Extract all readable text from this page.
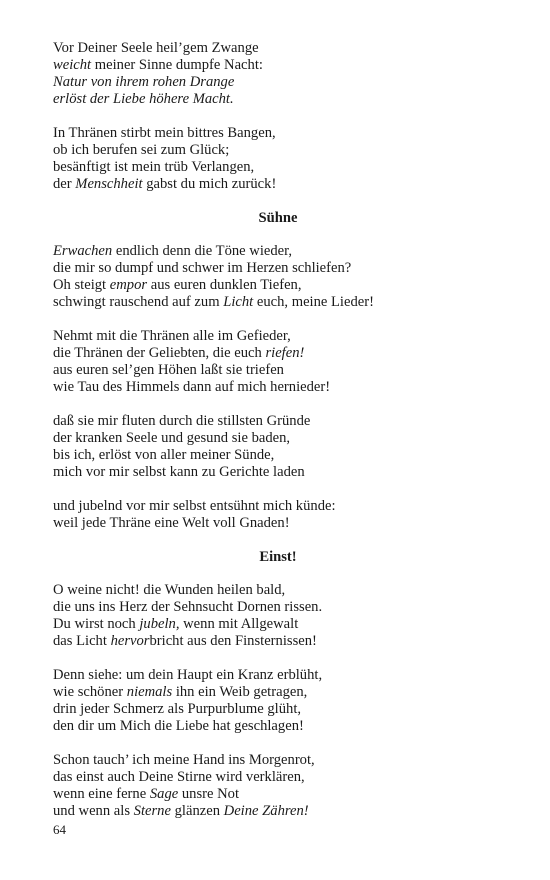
Vor Deiner Seele heil’gem Zwange
weicht meiner Sinne dumpfe Nacht:
Natur von ihrem rohen Drange
erlöst der Liebe höhere Macht.
In Thränen stirbt mein bittres Bangen,
ob ich berufen sei zum Glück;
besänftigt ist mein trüb Verlangen,
der Menschheit gabst du mich zurück!
Sühne
Erwachen endlich denn die Töne wieder,
die mir so dumpf und schwer im Herzen schliefen?
Oh steigt empor aus euren dunklen Tiefen,
schwingt rauschend auf zum Licht euch, meine Lieder!
Nehmt mit die Thränen alle im Gefieder,
die Thränen der Geliebten, die euch riefen!
aus euren sel’gen Höhen laßt sie triefen
wie Tau des Himmels dann auf mich hernieder!
daß sie mir fluten durch die stillsten Gründe
der kranken Seele und gesund sie baden,
bis ich, erlöst von aller meiner Sünde,
mich vor mir selbst kann zu Gerichte laden
und jubelnd vor mir selbst entsühnt mich künde:
weil jede Thräne eine Welt voll Gnaden!
Einst!
O weine nicht! die Wunden heilen bald,
die uns ins Herz der Sehnsucht Dornen rissen.
Du wirst noch jubeln, wenn mit Allgewalt
das Licht hervorbricht aus den Finsternissen!
Denn siehe: um dein Haupt ein Kranz erblüht,
wie schöner niemals ihn ein Weib getragen,
drin jeder Schmerz als Purpurblume glüht,
den dir um Mich die Liebe hat geschlagen!
Schon tauch’ ich meine Hand ins Morgenrot,
das einst auch Deine Stirne wird verklären,
wenn eine ferne Sage unsre Not
und wenn als Sterne glänzen Deine Zähren!
64
